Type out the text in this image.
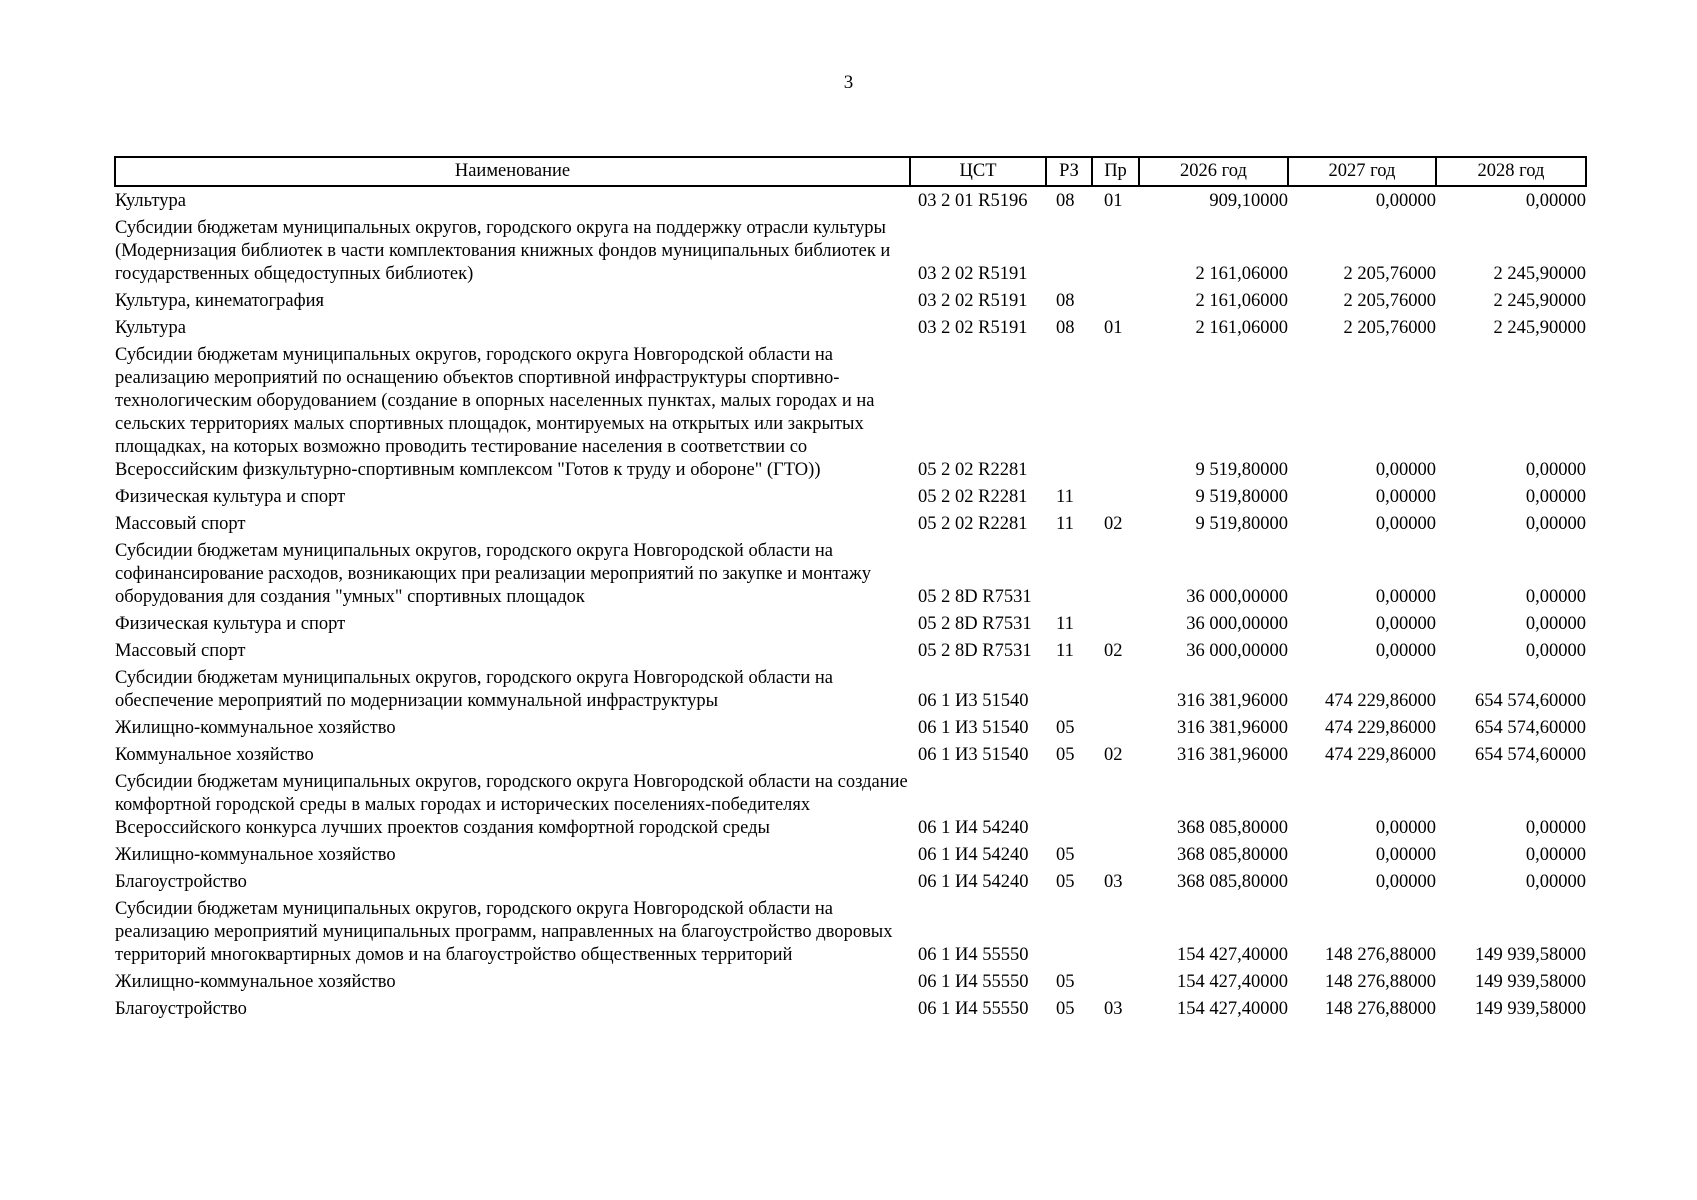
3
Наименование	ЦСТ	РЗ	Пр	2026 год	2027 год	2028 год
Культура	03 2 01 R5196	08	01	909,10000	0,00000	0,00000
Субсидии бюджетам муниципальных округов, городского округа на поддержку отрасли культуры (Модернизация библиотек в части комплектования книжных фондов муниципальных библиотек и государственных общедоступных библиотек)	03 2 02 R5191			2 161,06000	2 205,76000	2 245,90000
Культура, кинематография	03 2 02 R5191	08		2 161,06000	2 205,76000	2 245,90000
Культура	03 2 02 R5191	08	01	2 161,06000	2 205,76000	2 245,90000
Субсидии бюджетам муниципальных округов, городского округа Новгородской области на реализацию мероприятий по оснащению объектов спортивной инфраструктуры спортивно-технологическим оборудованием (создание в опорных населенных пунктах, малых городах и на сельских территориях малых спортивных площадок, монтируемых на открытых или закрытых площадках, на которых возможно проводить тестирование населения в соответствии со Всероссийским физкультурно-спортивным комплексом "Готов к труду и обороне" (ГТО))	05 2 02 R2281			9 519,80000	0,00000	0,00000
Физическая культура и спорт	05 2 02 R2281	11		9 519,80000	0,00000	0,00000
Массовый спорт	05 2 02 R2281	11	02	9 519,80000	0,00000	0,00000
Субсидии бюджетам муниципальных округов, городского округа Новгородской области на софинансирование расходов, возникающих при реализации мероприятий по закупке и монтажу оборудования для создания "умных" спортивных площадок	05 2 8D R7531			36 000,00000	0,00000	0,00000
Физическая культура и спорт	05 2 8D R7531	11		36 000,00000	0,00000	0,00000
Массовый спорт	05 2 8D R7531	11	02	36 000,00000	0,00000	0,00000
Субсидии бюджетам муниципальных округов, городского округа Новгородской области на обеспечение мероприятий по модернизации коммунальной инфраструктуры	06 1 И3 51540			316 381,96000	474 229,86000	654 574,60000
Жилищно-коммунальное хозяйство	06 1 И3 51540	05		316 381,96000	474 229,86000	654 574,60000
Коммунальное хозяйство	06 1 И3 51540	05	02	316 381,96000	474 229,86000	654 574,60000
Субсидии бюджетам муниципальных округов, городского округа Новгородской области на создание комфортной городской среды в малых городах и исторических поселениях-победителях Всероссийского конкурса лучших проектов создания комфортной городской среды	06 1 И4 54240			368 085,80000	0,00000	0,00000
Жилищно-коммунальное хозяйство	06 1 И4 54240	05		368 085,80000	0,00000	0,00000
Благоустройство	06 1 И4 54240	05	03	368 085,80000	0,00000	0,00000
Субсидии бюджетам муниципальных округов, городского округа Новгородской области на реализацию мероприятий муниципальных программ, направленных на благоустройство дворовых территорий многоквартирных домов и на благоустройство общественных территорий	06 1 И4 55550			154 427,40000	148 276,88000	149 939,58000
Жилищно-коммунальное хозяйство	06 1 И4 55550	05		154 427,40000	148 276,88000	149 939,58000
Благоустройство	06 1 И4 55550	05	03	154 427,40000	148 276,88000	149 939,58000
